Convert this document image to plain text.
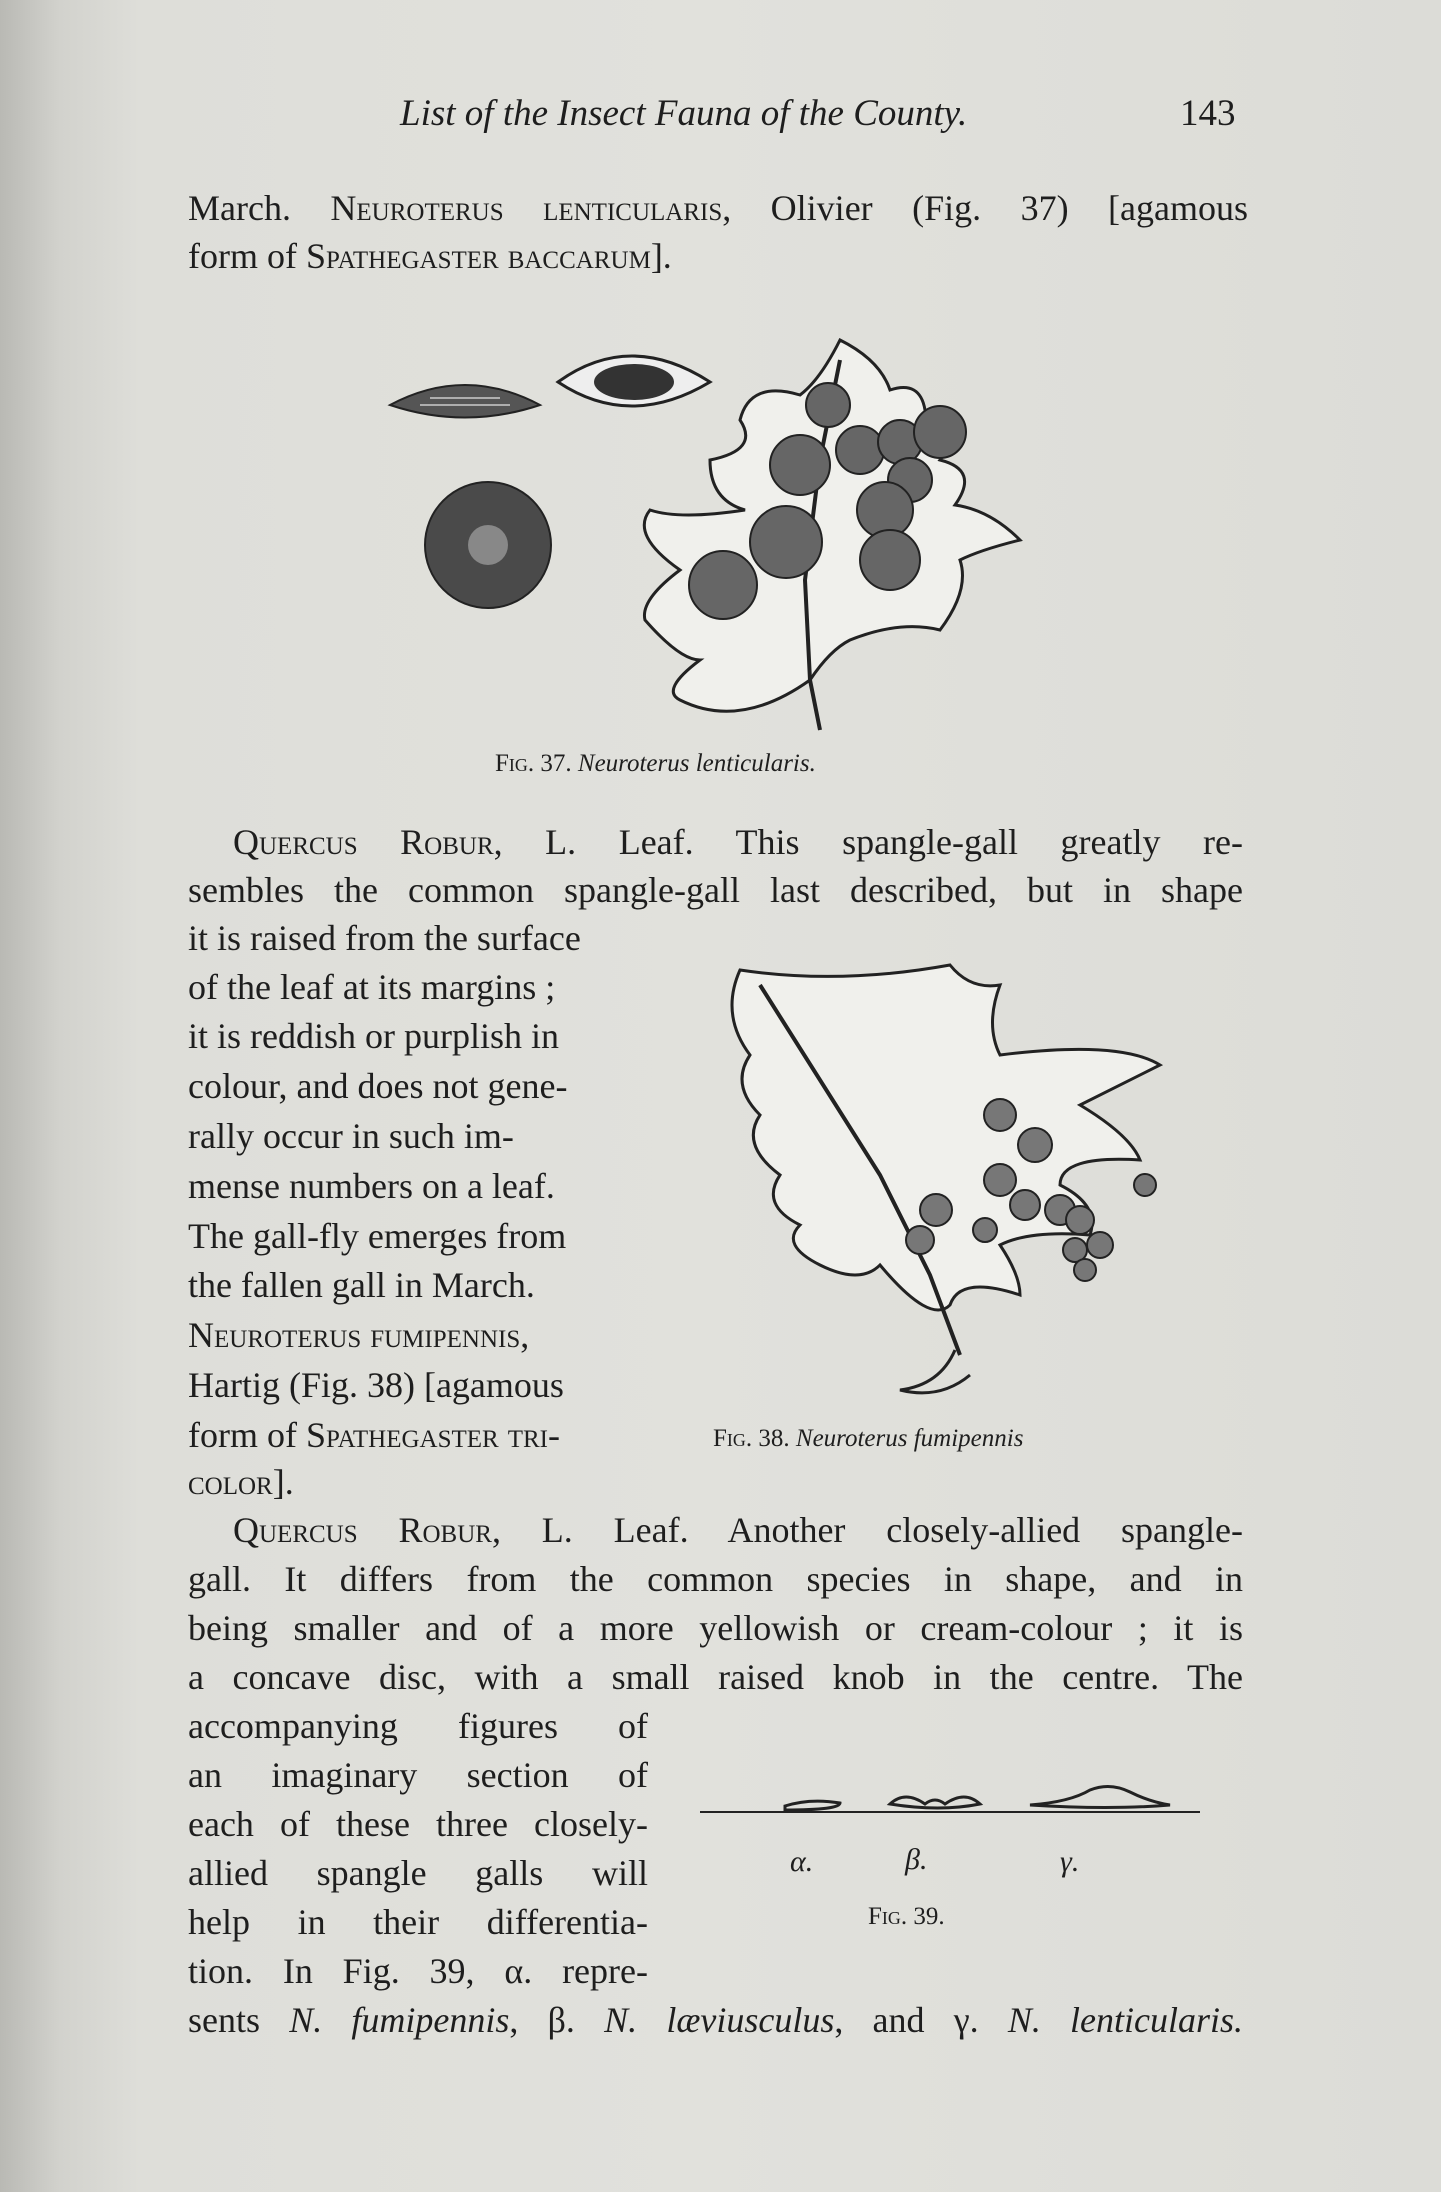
List of the Insect Fauna of the County.	143
March. Neuroterus lenticularis, Olivier (Fig. 37) [agamous
form of Spathegaster baccarum].
Fig. 37. Neuroterus lenticularis.
Quercus Robur, L. Leaf. This spangle-gall greatly re-
sembles the common spangle-gall last described, but in shape
it is raised from the surface
of the leaf at its margins ;
it is reddish or purplish in
colour, and does not gene-
rally occur in such im-
mense numbers on a leaf.
The gall-fly emerges from
the fallen gall in March.
Neuroterus fumipennis,
Hartig (Fig. 38) [agamous
form of Spathegaster tri-
color].
Fig. 38. Neuroterus fumipennis
Quercus Robur, L. Leaf. Another closely-allied spangle-
gall. It differs from the common species in shape, and in
being smaller and of a more yellowish or cream-colour ; it is
a concave disc, with a small raised knob in the centre. The
accompanying figures of
an imaginary section of
each of these three closely-
allied spangle galls will
help in their differentia-
tion. In Fig. 39, α. repre-
α.	β.	γ.
Fig. 39.
sents N. fumipennis, β. N. læviusculus, and γ. N. lenticularis.
